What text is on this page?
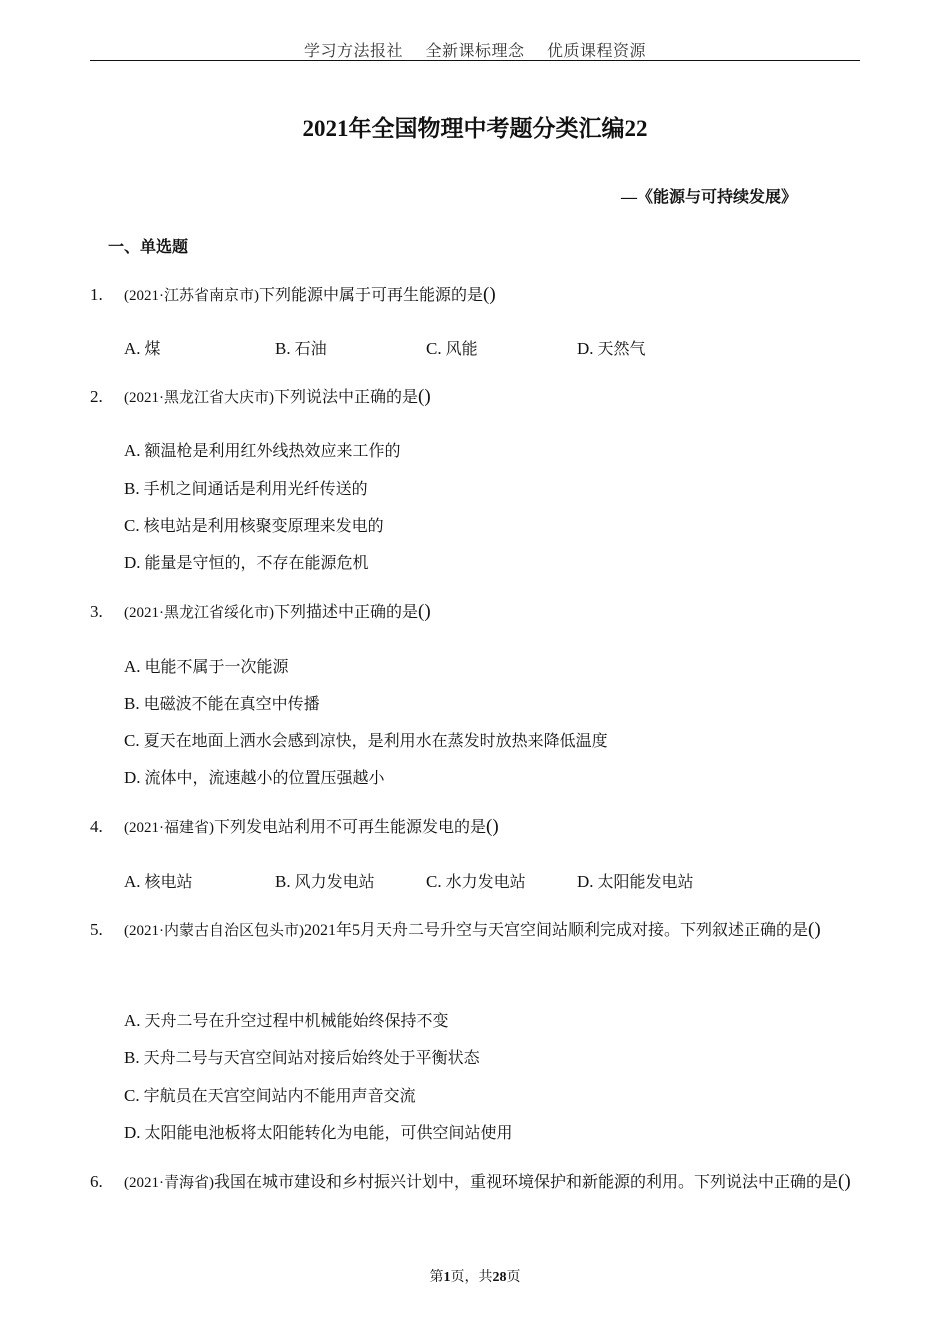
学习方法报社 全新课标理念 优质课程资源
2021年全国物理中考题分类汇编22
—《能源与可持续发展》
一、单选题
1. (2021·江苏省南京市)下列能源中属于可再生能源的是()
A. 煤	B. 石油	C. 风能	D. 天然气
2. (2021·黑龙江省大庆市)下列说法中正确的是()
A. 额温枪是利用红外线热效应来工作的
B. 手机之间通话是利用光纤传送的
C. 核电站是利用核聚变原理来发电的
D. 能量是守恒的，不存在能源危机
3. (2021·黑龙江省绥化市)下列描述中正确的是()
A. 电能不属于一次能源
B. 电磁波不能在真空中传播
C. 夏天在地面上洒水会感到凉快，是利用水在蒸发时放热来降低温度
D. 流体中，流速越小的位置压强越小
4. (2021·福建省)下列发电站利用不可再生能源发电的是()
A. 核电站	B. 风力发电站	C. 水力发电站	D. 太阳能发电站
5. (2021·内蒙古自治区包头市)2021年5月天舟二号升空与天宫空间站顺利完成对接。下列叙述正确的是()
A. 天舟二号在升空过程中机械能始终保持不变
B. 天舟二号与天宫空间站对接后始终处于平衡状态
C. 宇航员在天宫空间站内不能用声音交流
D. 太阳能电池板将太阳能转化为电能，可供空间站使用
6. (2021·青海省)我国在城市建设和乡村振兴计划中，重视环境保护和新能源的利用。下列说法中正确的是()
第1页，共28页
